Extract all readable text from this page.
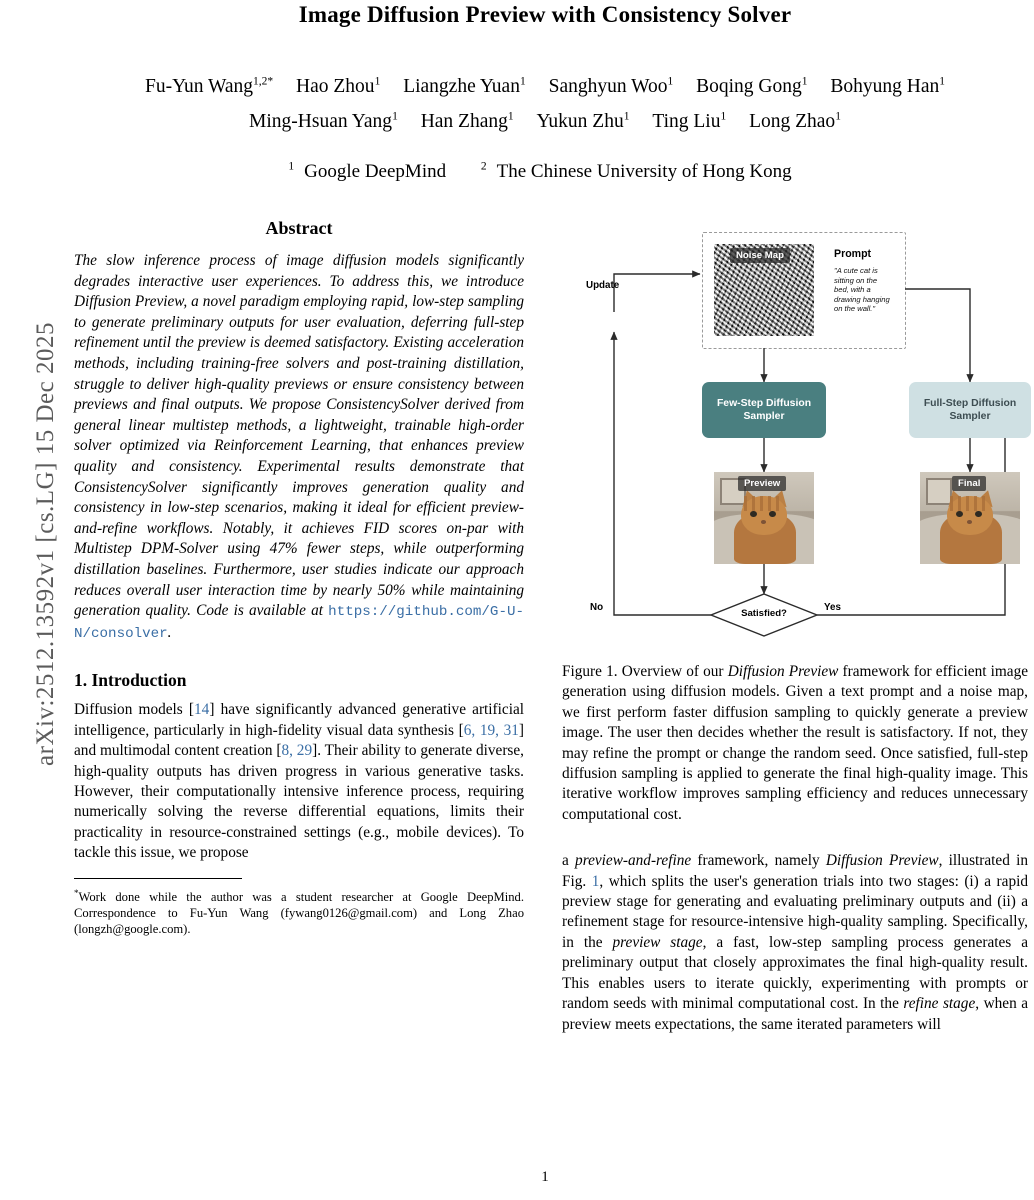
arXiv:2512.13592v1 [cs.LG] 15 Dec 2025
Image Diffusion Preview with Consistency Solver
Fu-Yun Wang$^{1,2*}$ Hao Zhou$^1$ Liangzhe Yuan$^1$ Sanghyun Woo$^1$ Boqing Gong$^1$ Bohyung Han$^1$
Ming-Hsuan Yang$^1$ Han Zhang$^1$ Yukun Zhu$^1$ Ting Liu$^1$ Long Zhao$^1$
$^1$ Google DeepMind	$^2$ The Chinese University of Hong Kong
Abstract
The slow inference process of image diffusion models significantly degrades interactive user experiences. To address this, we introduce Diffusion Preview, a novel paradigm employing rapid, low-step sampling to generate preliminary outputs for user evaluation, deferring full-step refinement until the preview is deemed satisfactory. Existing acceleration methods, including training-free solvers and post-training distillation, struggle to deliver high-quality previews or ensure consistency between previews and final outputs. We propose ConsistencySolver derived from general linear multistep methods, a lightweight, trainable high-order solver optimized via Reinforcement Learning, that enhances preview quality and consistency. Experimental results demonstrate that ConsistencySolver significantly improves generation quality and consistency in low-step scenarios, making it ideal for efficient preview-and-refine workflows. Notably, it achieves FID scores on-par with Multistep DPM-Solver using 47% fewer steps, while outperforming distillation baselines. Furthermore, user studies indicate our approach reduces overall user interaction time by nearly 50% while maintaining generation quality. Code is available at https://github.com/G-U-N/consolver.
1. Introduction
Diffusion models [14] have significantly advanced generative artificial intelligence, particularly in high-fidelity visual data synthesis [6, 19, 31] and multimodal content creation [8, 29]. Their ability to generate diverse, high-quality outputs has driven progress in various generative tasks. However, their computationally intensive inference process, requiring numerically solving the reverse differential equations, limits their practicality in resource-constrained settings (e.g., mobile devices). To tackle this issue, we propose
*Work done while the author was a student researcher at Google DeepMind. Correspondence to Fu-Yun Wang (fywang0126@gmail.com) and Long Zhao (longzh@google.com).
Noise Map	Prompt
"A cute cat is sitting on the bed, with a drawing hanging on the wall."
Update
No	Yes
Satisfied?
Few-Step Diffusion Sampler
Full-Step Diffusion Sampler
Preview	Final
Figure 1. Overview of our Diffusion Preview framework for efficient image generation using diffusion models. Given a text prompt and a noise map, we first perform faster diffusion sampling to quickly generate a preview image. The user then decides whether the result is satisfactory. If not, they may refine the prompt or change the random seed. Once satisfied, full-step diffusion sampling is applied to generate the final high-quality image. This iterative workflow improves sampling efficiency and reduces unnecessary computational cost.
a preview-and-refine framework, namely Diffusion Preview, illustrated in Fig. 1, which splits the user's generation trials into two stages: (i) a rapid preview stage for generating and evaluating preliminary outputs and (ii) a refinement stage for resource-intensive high-quality sampling. Specifically, in the preview stage, a fast, low-step sampling process generates a preliminary output that closely approximates the final high-quality result. This enables users to iterate quickly, experimenting with prompts or random seeds with minimal computational cost. In the refine stage, when a preview meets expectations, the same iterated parameters will
1
